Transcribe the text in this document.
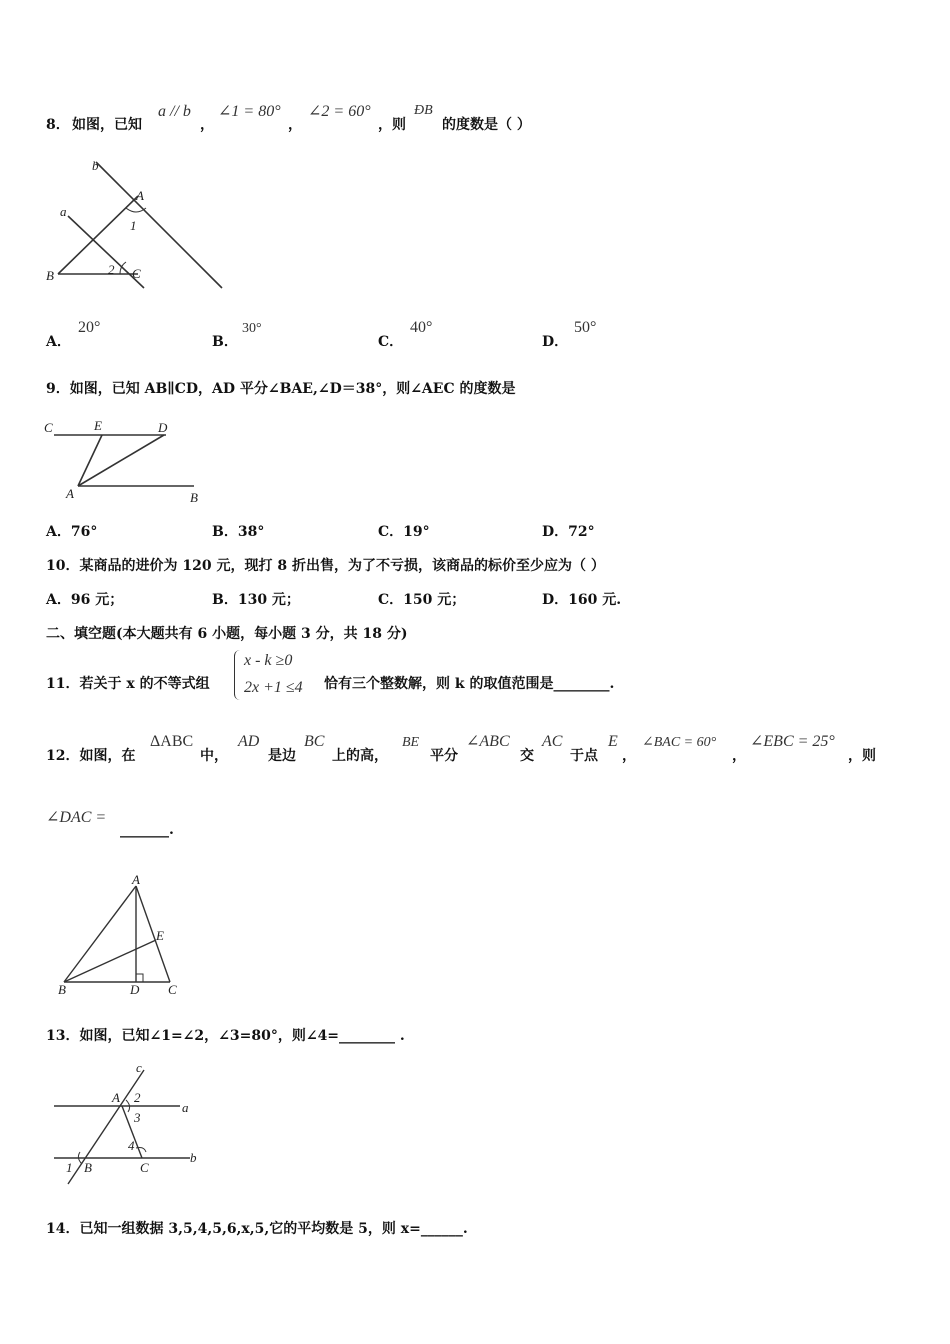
8． 如图，已知
a // b
，
∠1 = 80°
，
∠2 = 60°
，则
ÐB
的度数是（ ）
b
a
A
1
B	2 C
A．
20°
B．
30°
C．
40°
D．
50°
9．如图，已知 AB∥CD，AD 平分∠BAE,∠D＝38°，则∠AEC 的度数是
C	E	D
A	B
A．76°	B．38°	C．19°	D．72°
10．某商品的进价为 120 元，现打 8 折出售，为了不亏损，该商品的标价至少应为（ ）
A．96 元；	B．130 元；	C．150 元；	D．160 元.
二、填空题(本大题共有 6 小题，每小题 3 分，共 18 分)
11．若关于 x 的不等式组
x - k ≥0
2x +1 ≤4 恰有三个整数解，则 k 的取值范围是________.
12．如图，在
ΔABC
中，
AD
是边
BC
上的高，
BE
平分
∠ABC
交
AC
于点
E
，
∠BAC = 60°
，
∠EBC = 25°
，则
∠DAC =
_______.
A
E
B	D C
13．如图，已知∠1=∠2，∠3=80°，则∠4=________ .
c
A 2
3
a
4
1 B	C
b
14．已知一组数据 3,5,4,5,6,x,5,它的平均数是 5，则 x=______.
